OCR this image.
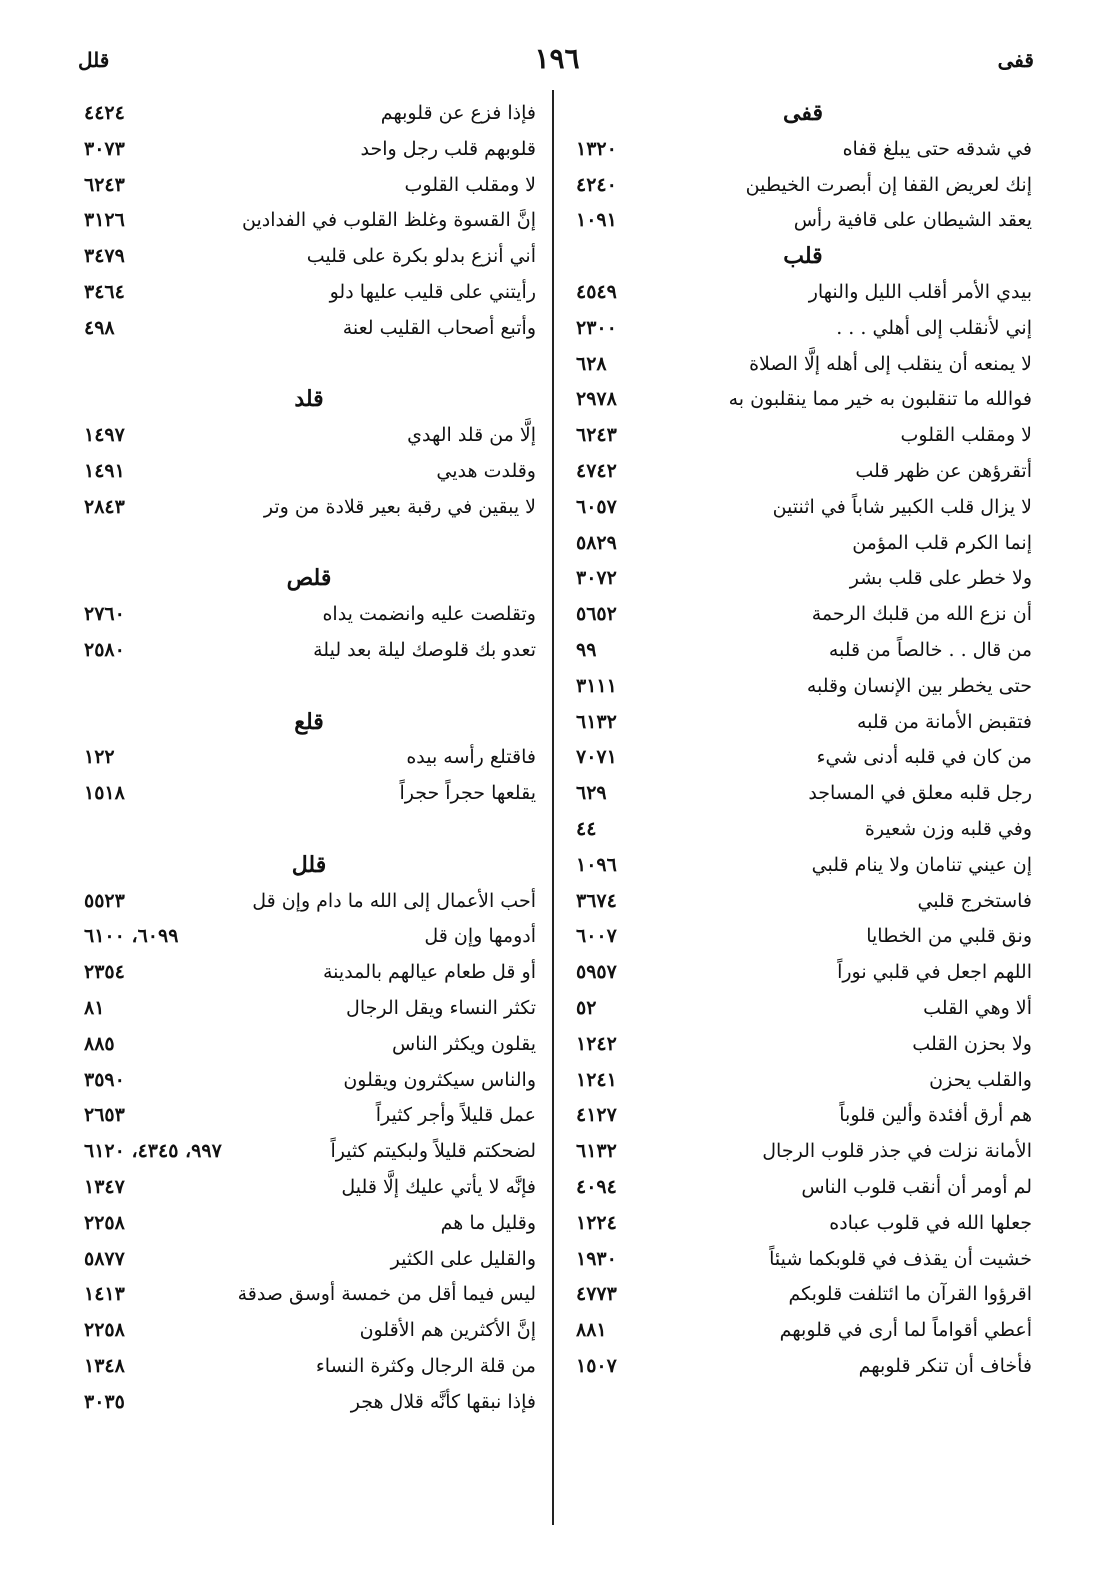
قفى
١٩٦
قلل
قفى
في شدقه حتى يبلغ قفاه
١٣٢٠
إنك لعريض القفا إن أبصرت الخيطين
٤٢٤٠
يعقد الشيطان على قافية رأس
١٠٩١
قلب
بيدي الأمر أقلب الليل والنهار
٤٥٤٩
إني لأنقلب إلى أهلي . . .
٢٣٠٠
لا يمنعه أن ينقلب إلى أهله إلَّا الصلاة
٦٢٨
فوالله ما تنقلبون به خير مما ينقلبون به
٢٩٧٨
لا ومقلب القلوب
٦٢٤٣
أتقرؤهن عن ظهر قلب
٤٧٤٢
لا يزال قلب الكبير شاباً في اثنتين
٦٠٥٧
إنما الكرم قلب المؤمن
٥٨٢٩
ولا خطر على قلب بشر
٣٠٧٢
أن نزع الله من قلبك الرحمة
٥٦٥٢
من قال . . خالصاً من قلبه
٩٩
حتى يخطر بين الإنسان وقلبه
٣١١١
فتقبض الأمانة من قلبه
٦١٣٢
من كان في قلبه أدنى شيء
٧٠٧١
رجل قلبه معلق في المساجد
٦٢٩
وفي قلبه وزن شعيرة
٤٤
إن عيني تنامان ولا ينام قلبي
١٠٩٦
فاستخرج قلبي
٣٦٧٤
ونق قلبي من الخطايا
٦٠٠٧
اللهم اجعل في قلبي نوراً
٥٩٥٧
ألا وهي القلب
٥٢
ولا بحزن القلب
١٢٤٢
والقلب يحزن
١٢٤١
هم أرق أفئدة وألين قلوباً
٤١٢٧
الأمانة نزلت في جذر قلوب الرجال
٦١٣٢
لم أومر أن أنقب قلوب الناس
٤٠٩٤
جعلها الله في قلوب عباده
١٢٢٤
خشيت أن يقذف في قلوبكما شيئاً
١٩٣٠
اقرؤوا القرآن ما ائتلفت قلوبكم
٤٧٧٣
أعطي أقواماً لما أرى في قلوبهم
٨٨١
فأخاف أن تنكر قلوبهم
١٥٠٧
فإذا فزع عن قلوبهم
٤٤٢٤
قلوبهم قلب رجل واحد
٣٠٧٣
لا ومقلب القلوب
٦٢٤٣
إنَّ القسوة وغلظ القلوب في الفدادين
٣١٢٦
أني أنزع بدلو بكرة على قليب
٣٤٧٩
رأيتني على قليب عليها دلو
٣٤٦٤
وأتبع أصحاب القليب لعنة
٤٩٨
قلد
إلَّا من قلد الهدي
١٤٩٧
وقلدت هديي
١٤٩١
لا يبقين في رقبة بعير قلادة من وتر
٢٨٤٣
قلص
وتقلصت عليه وانضمت يداه
٢٧٦٠
تعدو بك قلوصك ليلة بعد ليلة
٢٥٨٠
قلع
فاقتلع رأسه بيده
١٢٢
يقلعها حجراً حجراً
١٥١٨
قلل
أحب الأعمال إلى الله ما دام وإن قل
٥٥٢٣
أدومها وإن قل
٦٠٩٩، ٦١٠٠
أو قل طعام عيالهم بالمدينة
٢٣٥٤
تكثر النساء ويقل الرجال
٨١
يقلون ويكثر الناس
٨٨٥
والناس سيكثرون ويقلون
٣٥٩٠
عمل قليلاً وأجر كثيراً
٢٦٥٣
لضحكتم قليلاً ولبكيتم كثيراً
٩٩٧، ٤٣٤٥، ٦١٢٠
فإنَّه لا يأتي عليك إلَّا قليل
١٣٤٧
وقليل ما هم
٢٢٥٨
والقليل على الكثير
٥٨٧٧
ليس فيما أقل من خمسة أوسق صدقة
١٤١٣
إنَّ الأكثرين هم الأقلون
٢٢٥٨
من قلة الرجال وكثرة النساء
١٣٤٨
فإذا نبقها كأنَّه قلال هجر
٣٠٣٥
